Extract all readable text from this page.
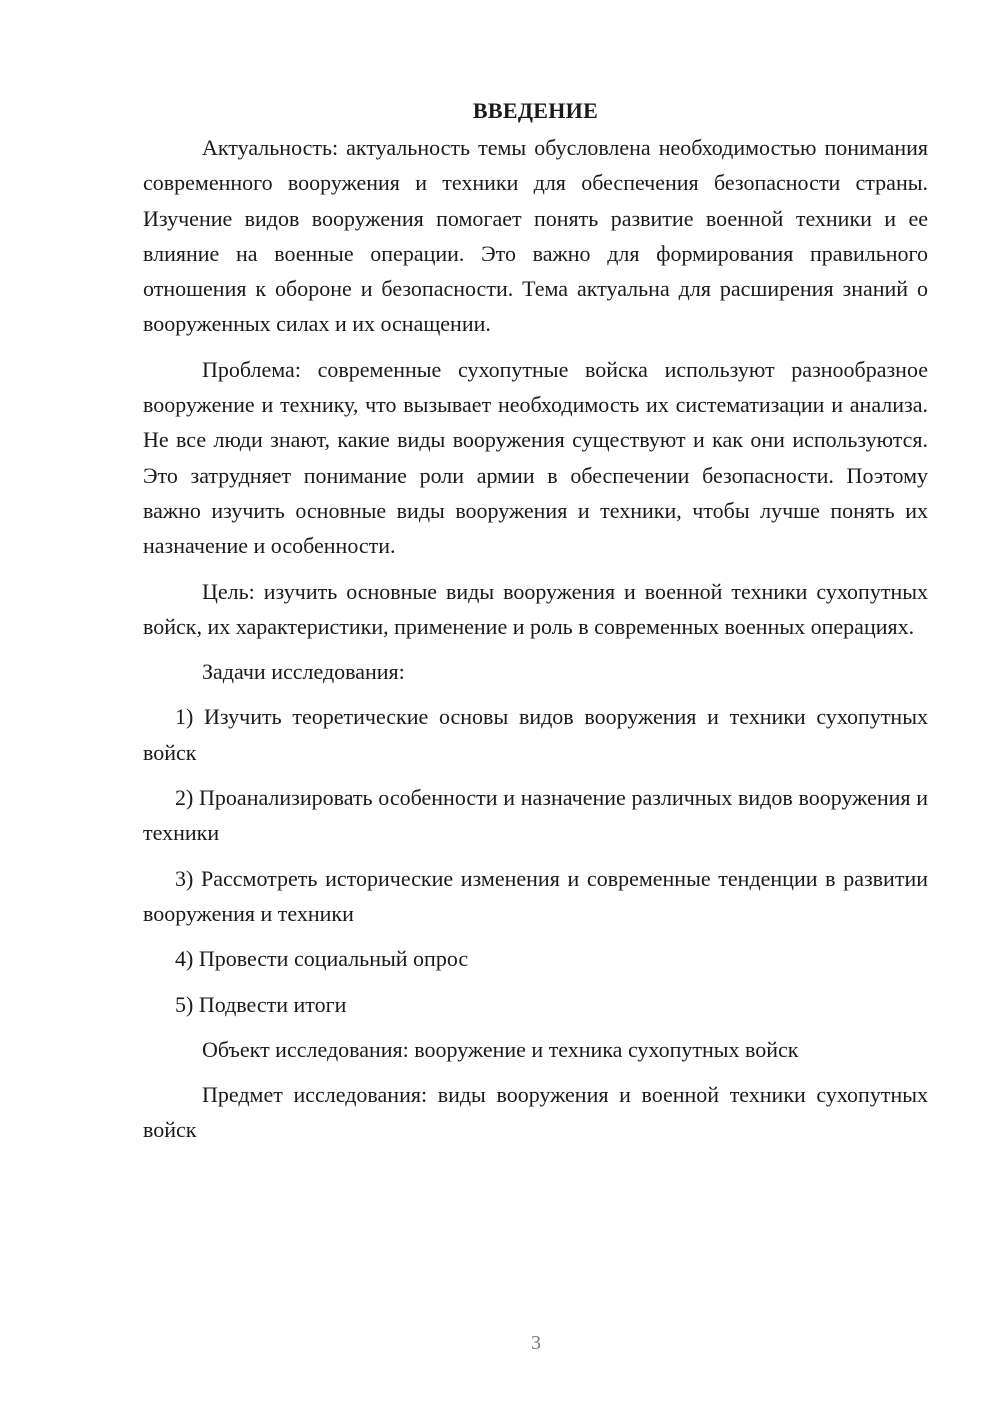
ВВЕДЕНИЕ

Актуальность: актуальность темы обусловлена необходимостью понимания современного вооружения и техники для обеспечения безопасности страны. Изучение видов вооружения помогает понять развитие военной техники и ее влияние на военные операции. Это важно для формирования правильного отношения к обороне и безопасности. Тема актуальна для расширения знаний о вооруженных силах и их оснащении.

Проблема: современные сухопутные войска используют разнообразное вооружение и технику, что вызывает необходимость их систематизации и анализа. Не все люди знают, какие виды вооружения существуют и как они используются. Это затрудняет понимание роли армии в обеспечении безопасности. Поэтому важно изучить основные виды вооружения и техники, чтобы лучше понять их назначение и особенности.

Цель: изучить основные виды вооружения и военной техники сухопутных войск, их характеристики, применение и роль в современных военных операциях.

Задачи исследования:

1) Изучить теоретические основы видов вооружения и техники сухопутных войск

2) Проанализировать особенности и назначение различных видов вооружения и техники

3) Рассмотреть исторические изменения и современные тенденции в развитии вооружения и техники

4) Провести социальный опрос

5) Подвести итоги

Объект исследования: вооружение и техника сухопутных войск

Предмет исследования: виды вооружения и военной техники сухопутных войск

3
